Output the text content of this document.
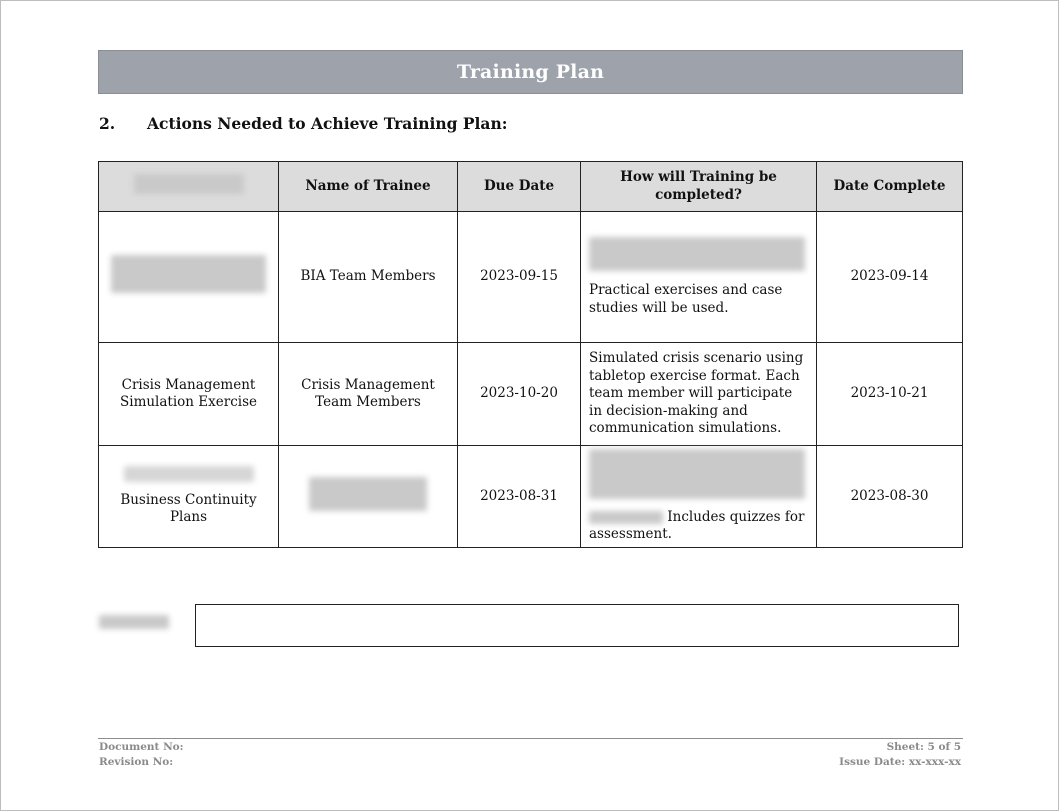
Training Plan
2.	Actions Needed to Achieve Training Plan:
	Name of Trainee	Due Date	How will Training be completed?	Date Complete
	BIA Team Members	2023-09-15	Practical exercises and case studies will be used.	2023-09-14
Crisis Management Simulation Exercise	Crisis Management Team Members	2023-10-20	Simulated crisis scenario using tabletop exercise format. Each team member will participate in decision-making and communication simulations.	2023-10-21

Business Continuity Plans		2023-08-31	Includes quizzes for assessment.	2023-08-30
Document No:
Revision No:
Sheet: 5 of 5
Issue Date: xx-xxx-xx
